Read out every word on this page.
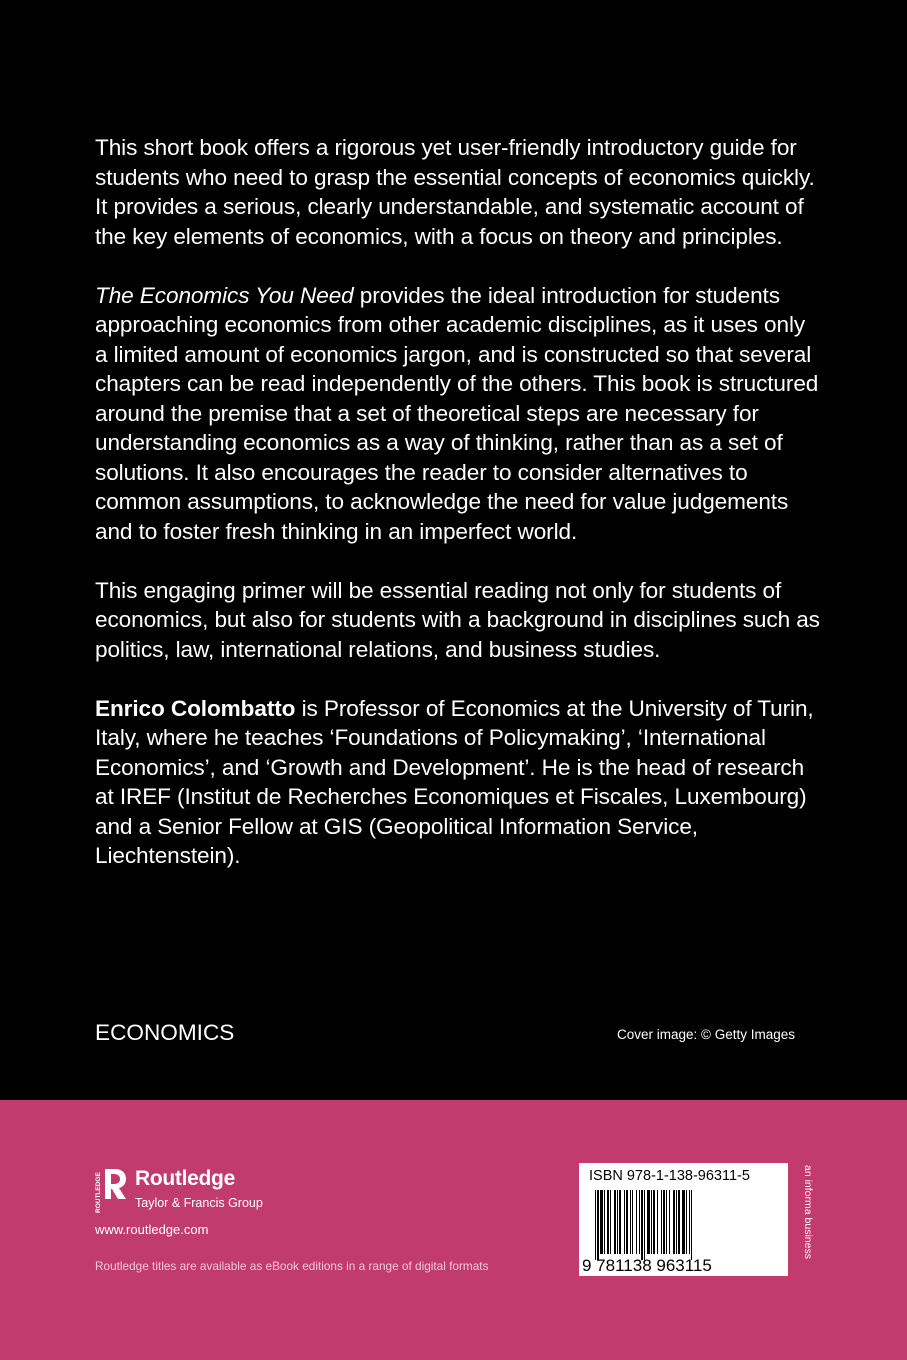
This short book offers a rigorous yet user-friendly introductory guide for students who need to grasp the essential concepts of economics quickly. It provides a serious, clearly understandable, and systematic account of the key elements of economics, with a focus on theory and principles.

The Economics You Need provides the ideal introduction for students approaching economics from other academic disciplines, as it uses only a limited amount of economics jargon, and is constructed so that several chapters can be read independently of the others. This book is structured around the premise that a set of theoretical steps are necessary for understanding economics as a way of thinking, rather than as a set of solutions. It also encourages the reader to consider alternatives to common assumptions, to acknowledge the need for value judgements and to foster fresh thinking in an imperfect world.

This engaging primer will be essential reading not only for students of economics, but also for students with a background in disciplines such as politics, law, international relations, and business studies.

Enrico Colombatto is Professor of Economics at the University of Turin, Italy, where he teaches ‘Foundations of Policymaking’, ‘International Economics’, and ‘Growth and Development’. He is the head of research at IREF (Institut de Recherches Economiques et Fiscales, Luxembourg) and a Senior Fellow at GIS (Geopolitical Information Service, Liechtenstein).

ECONOMICS	Cover image: © Getty Images
ROUTLEDGE Routledge
Taylor & Francis Group
www.routledge.com
Routledge titles are available as eBook editions in a range of digital formats
ISBN 978-1-138-96311-5
9 781138 963115
an informa business
